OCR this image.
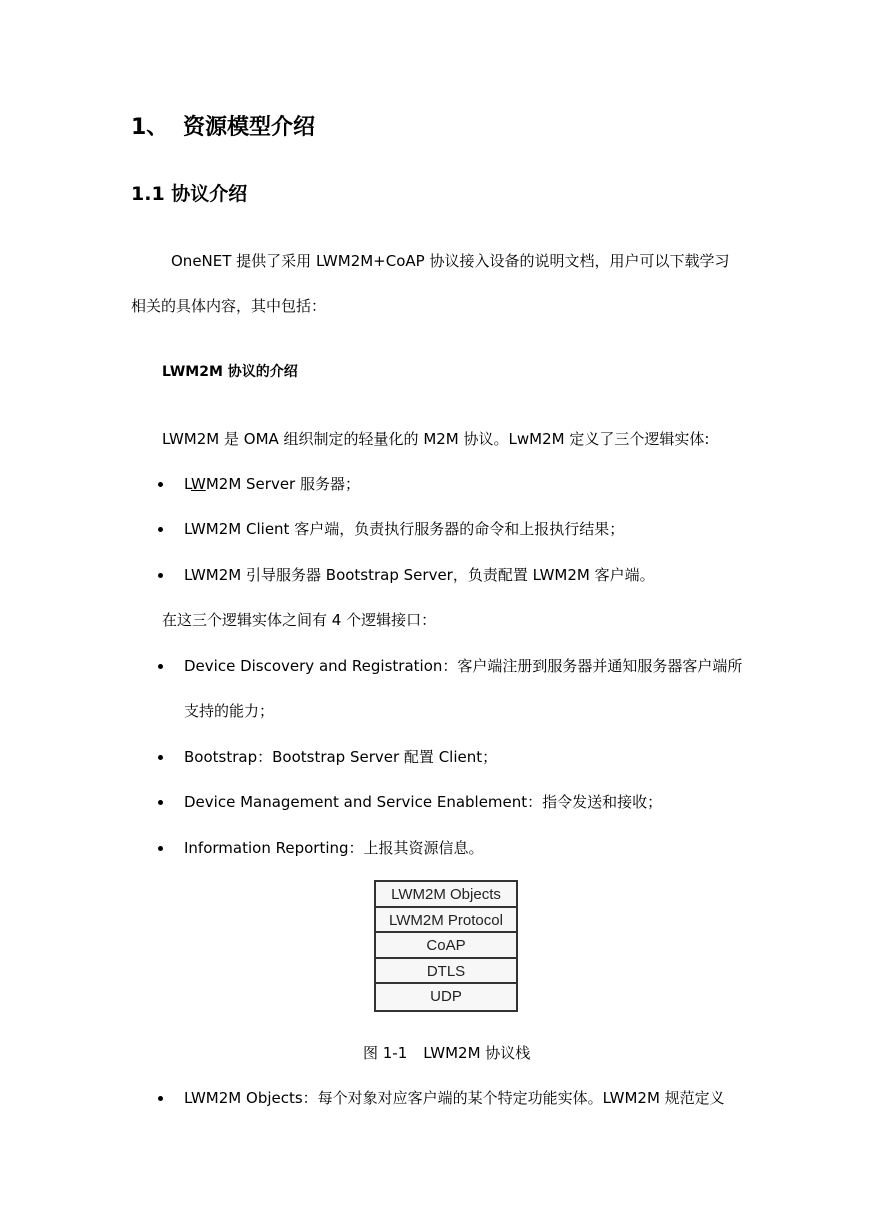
1、 资源模型介绍
1.1 协议介绍
OneNET 提供了采用 LWM2M+CoAP 协议接入设备的说明文档，用户可以下载学习
相关的具体内容，其中包括：
LWM2M 协议的介绍
LWM2M 是 OMA 组织制定的轻量化的 M2M 协议。LwM2M 定义了三个逻辑实体:
LWM2M Server 服务器；
LWM2M Client 客户端，负责执行服务器的命令和上报执行结果；
LWM2M 引导服务器 Bootstrap Server，负责配置 LWM2M 客户端。
在这三个逻辑实体之间有 4 个逻辑接口：
Device Discovery and Registration：客户端注册到服务器并通知服务器客户端所
支持的能力；
Bootstrap：Bootstrap Server 配置 Client；
Device Management and Service Enablement：指令发送和接收；
Information Reporting：上报其资源信息。
LWM2M Objects
LWM2M Protocol
CoAP
DTLS
UDP
图 1-1 LWM2M 协议栈
LWM2M Objects：每个对象对应客户端的某个特定功能实体。LWM2M 规范定义
